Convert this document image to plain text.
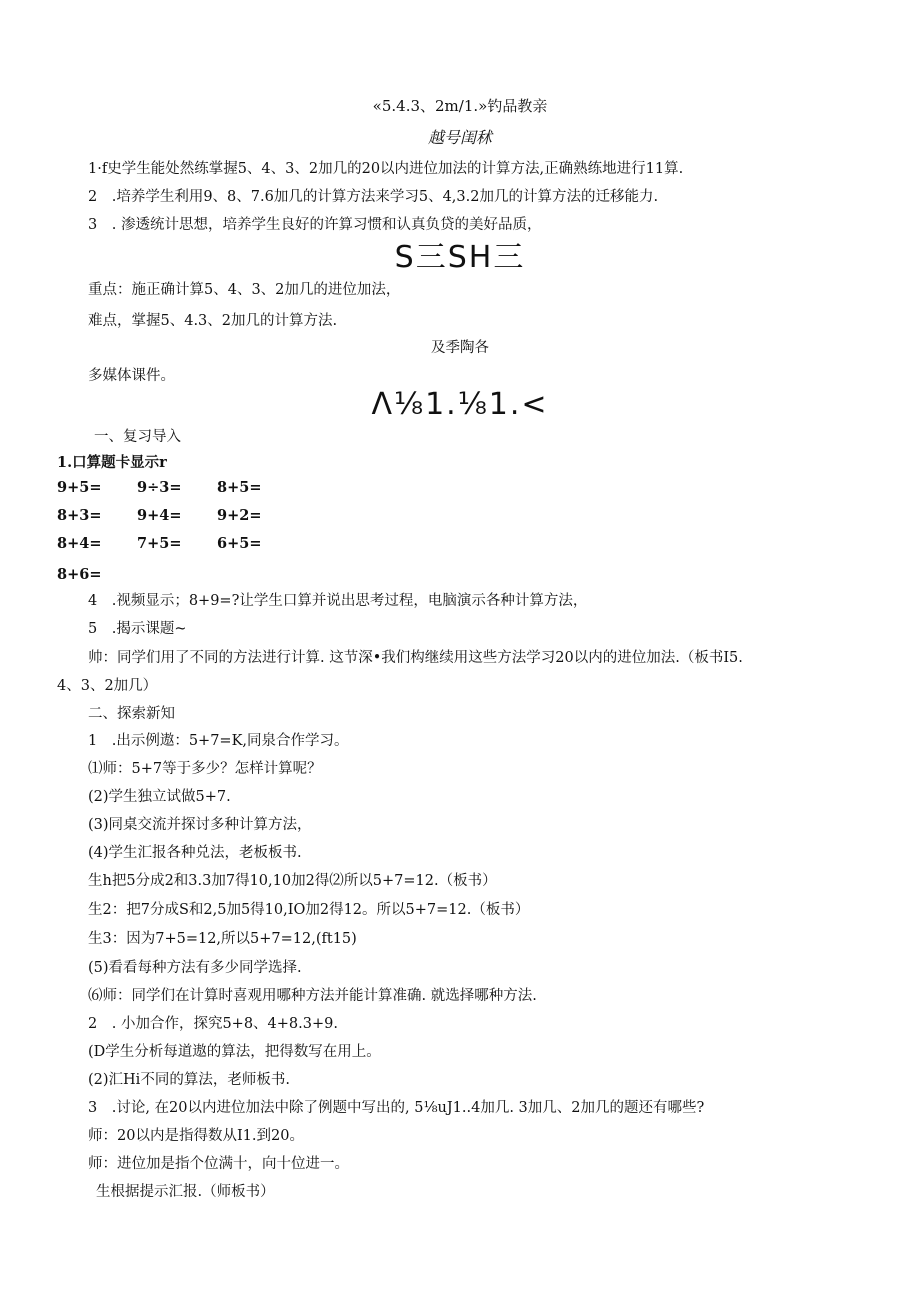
«5.4.3、2m/1.»钓品教亲
越号闺秫
1·f史学生能处然练掌握5、4、3、2加几的20以内进位加法的计算方法,正确熟练地进行11算.
2　.培养学生利用9、8、7.6加几的计算方法来学习5、4,3.2加几的计算方法的迁移能力.
3　. 渗透统计思想，培养学生良好的许算习惯和认真负贷的美好品质，
S三SH三
重点：施正确计算5、4、3、2加几的进位加法，
难点，掌握5、4.3、2加几的计算方法.
及季陶各
多媒体课件。
Λ⅛1.⅛1.<
一、复习导入
1.口算题卡显示r
9+5= 9÷3= 8+5=
8+3= 9+4= 9+2=
8+4= 7+5= 6+5=
8+6=
4　.视频显示；8+9=?让学生口算并说出思考过程，电脑演示各种计算方法，
5　.揭示课题~
帅：同学们用了不同的方法进行计算. 这节深•我们构继续用这些方法学习20以内的进位加法.（板书I5.
4、3、2加几）
二、探索新知
1　.出示例遨：5+7=K,同泉合作学习。
⑴师：5+7等于多少？怎样计算呢？
(2)学生独立试做5+7.
(3)同桌交流并探讨多种计算方法，
(4)学生汇报各种兑法，老板板书.
生h把5分成2和3.3加7得10,10加2得⑵所以5+7=12.（板书）
生2：把7分成S和2,5加5得10,IO加2得12。所以5+7=12.（板书）
生3：因为7+5=12,所以5+7=12,(ft15)
(5)看看每种方法有多少同学选择.
⑹师：同学们在计算时喜观用哪种方法并能计算准确. 就选择哪种方法.
2　. 小加合作，探究5+8、4+8.3+9.
(D学生分析每道遨的算法，把得数写在用上。
(2)汇Hi不同的算法，老师板书.
3　.讨论, 在20以内进位加法中除了例题中写出的, 5⅛uJ1..4加几. 3加几、2加几的题还有哪些?
师：20以内是指得数从I1.到20。
师：进位加是指个位满十，向十位进一。
生根据提示汇报.（师板书）
